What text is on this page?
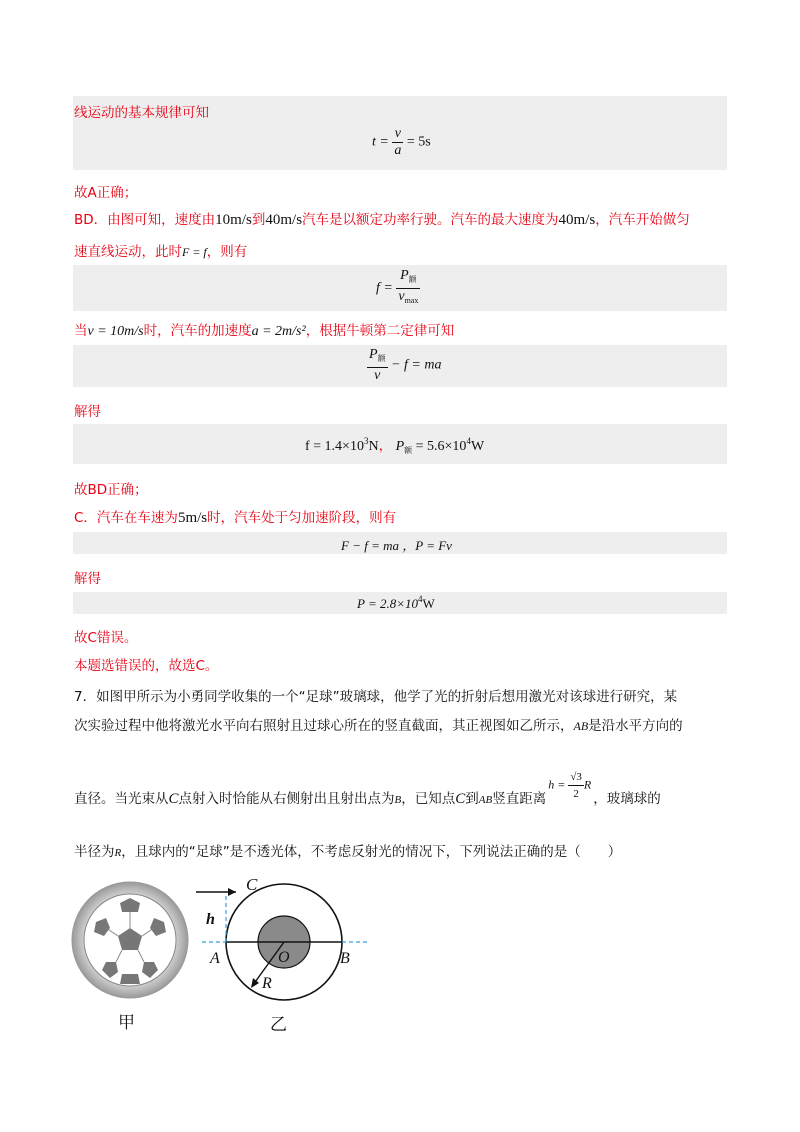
线运动的基本规律可知
$t = \frac{v}{a} = 5s$
故A正确；
BD．由图可知，速度由10m/s到40m/s汽车是以额定功率行驶。汽车的最大速度为40m/s，汽车开始做匀
速直线运动，此时F = f，则有
$f = \frac{P_额}{v_{max}}$
当v = 10m/s时，汽车的加速度a = 2m/s²，根据牛顿第二定律可知
$\frac{P_额}{v} - f$ = ma
解得
$f = 1.4\times 10^3N$， $P_额 = 5.6\times 10^4W$
故BD正确；
C．汽车在车速为5m/s时，汽车处于匀加速阶段，则有
F − f = ma ，P = Fv
解得
$P = 2.8\times 10^4W$
故C错误。
本题选错误的，故选C。
7．如图甲所示为小勇同学收集的一个“足球”玻璃球，他学了光的折射后想用激光对该球进行研究，某
次实验过程中他将激光水平向右照射且过球心所在的竖直截面，其正视图如乙所示，AB是沿水平方向的
直径。当光束从C点射入时恰能从右侧射出且射出点为$_B$，已知点C到$_{AB}$竖直距离$h = \frac{√3}{2}$ R，玻璃球的
半径为R，且球内的“足球”是不透光体，不考虑反射光的情况下，下列说法正确的是（　　）
甲
C
h
A	O	B
R
乙
